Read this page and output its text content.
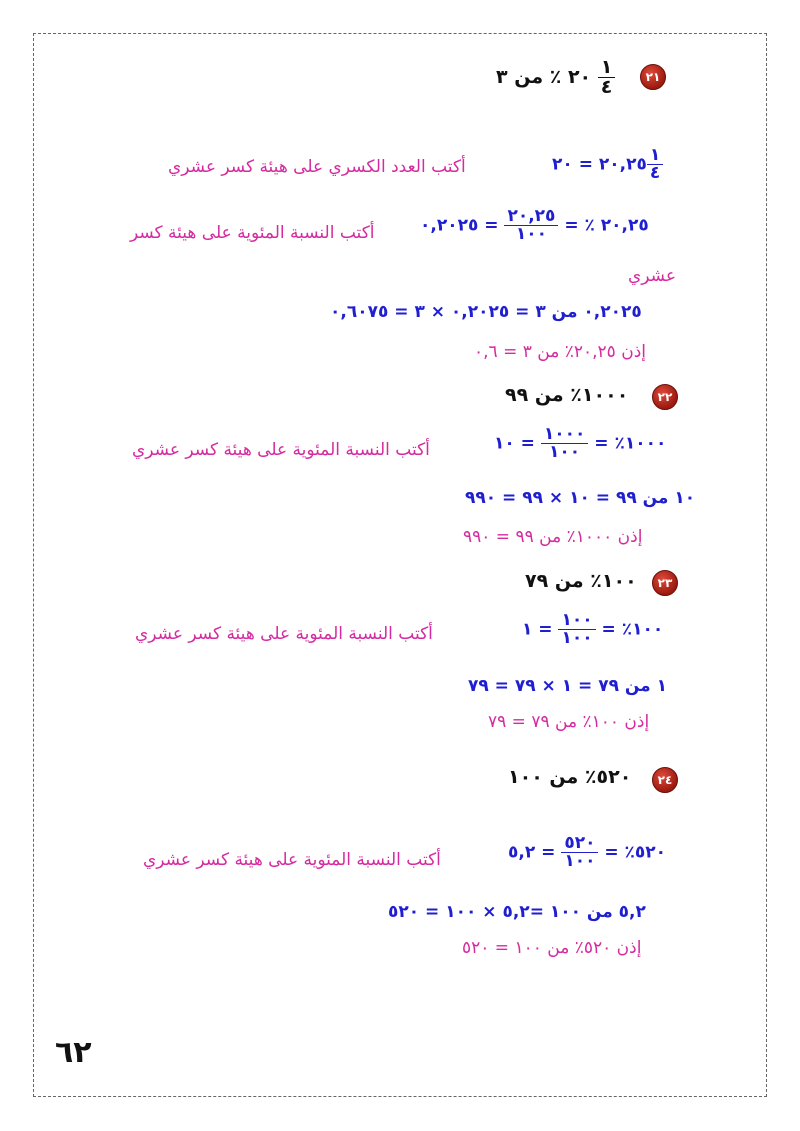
٢١
٪ من ٣ ٢٠ $\frac{١}{٤}$
٢٠,٢٥ = ٢٠	$\frac{١}{٤}$
أكتب العدد الكسري على هيئة كسر عشري
٠,٢٠٢٥ = $\frac{٢٠,٢٥}{١٠٠}$ = ٪ ٢٠,٢٥
أكتب النسبة المئوية على هيئة كسر
عشري
٠,٢٠٢٥ من ٣ = ٠,٢٠٢٥ × ٣ = ٠,٦٠٧٥
إذن ٢٠,٢٥٪ من ٣ = ٠,٦
٢٢
١٠٠٠٪ من ٩٩
١٠ = $\frac{١٠٠٠}{١٠٠}$ = ٪١٠٠٠
أكتب النسبة المئوية على هيئة كسر عشري
١٠ من ٩٩ = ١٠ × ٩٩ = ٩٩٠
إذن ١٠٠٠٪ من ٩٩ = ٩٩٠
٢٣
١٠٠٪ من ٧٩
١ = $\frac{١٠٠}{١٠٠}$ = ٪١٠٠
أكتب النسبة المئوية على هيئة كسر عشري
١ من ٧٩ = ١ × ٧٩ = ٧٩
إذن ١٠٠٪ من ٧٩ = ٧٩
٢٤
٥٢٠٪ من ١٠٠
٥,٢ = $\frac{٥٢٠}{١٠٠}$ = ٪٥٢٠
أكتب النسبة المئوية على هيئة كسر عشري
٥,٢ من ١٠٠ =٥,٢ × ١٠٠ = ٥٢٠
إذن ٥٢٠٪ من ١٠٠ = ٥٢٠
٦٢
